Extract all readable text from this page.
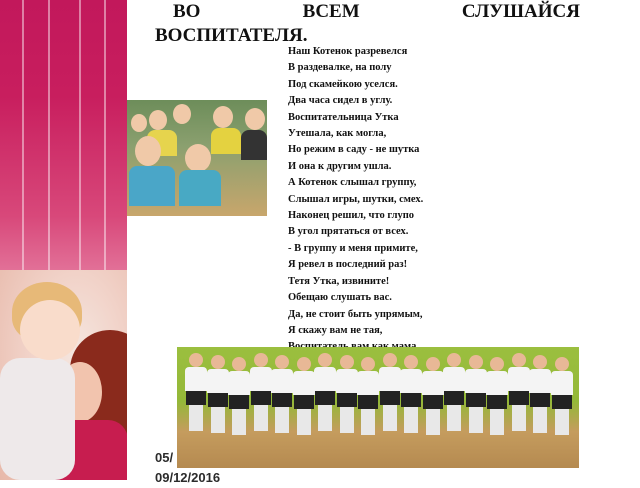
ВО	ВСЕМ	СЛУШАЙСЯ
ВОСПИТАТЕЛЯ.
Наш Котенок разревелся
В раздевалке, на полу
Под скамейкою уселся.
Два часа сидел в углу.
Воспитательница Утка
Утешала, как могла,
Но режим в саду - не шутка
И она к другим ушла.
А Котенок слышал группу,
Слышал игры, шутки, смех.
Наконец решил, что глупо
В угол прятаться от всех.
- В группу и меня примите,
Я ревел в последний раз!
Тетя Утка, извините!
Обещаю слушать вас.
Да, не стоит быть упрямым,
Я скажу вам не тая,
05/
09/12/2016
